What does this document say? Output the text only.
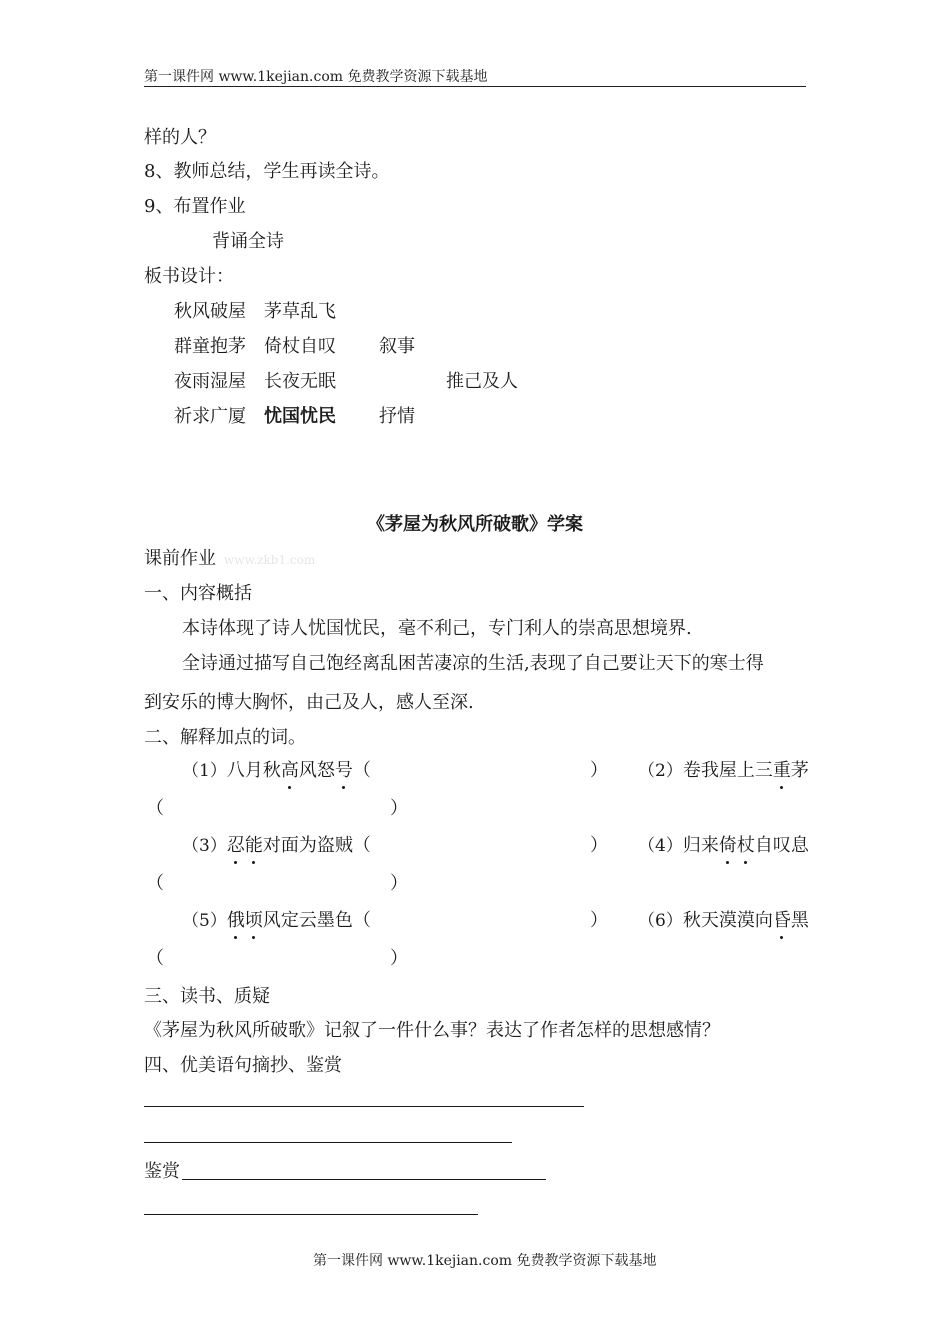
第一课件网 www.1kejian.com 免费教学资源下载基地
样的人？
8、教师总结，学生再读全诗。
9、布置作业
背诵全诗
板书设计：
秋风破屋 茅草乱飞
群童抱茅 倚杖自叹 叙事
夜雨湿屋 长夜无眠	推己及人
祈求广厦 忧国忧民 抒情
《茅屋为秋风所破歌》学案
课前作业 www.zkb1.com
一、内容概括
本诗体现了诗人忧国忧民，毫不利己，专门利人的崇高思想境界.
全诗通过描写自己饱经离乱困苦凄凉的生活,表现了自己要让天下的寒士得
到安乐的博大胸怀，由己及人，感人至深.
二、解释加点的词。
（1）八月秋高风怒号（	） （2）卷我屋上三重茅
（	）
（3）忍能对面为盗贼（	） （4）归来倚杖自叹息
（	）
（5）俄顷风定云墨色（	） （6）秋天漠漠向昏黑
（	）
三、读书、质疑
《茅屋为秋风所破歌》记叙了一件什么事？表达了作者怎样的思想感情？
四、优美语句摘抄、鉴赏
鉴赏
第一课件网 www.1kejian.com 免费教学资源下载基地
